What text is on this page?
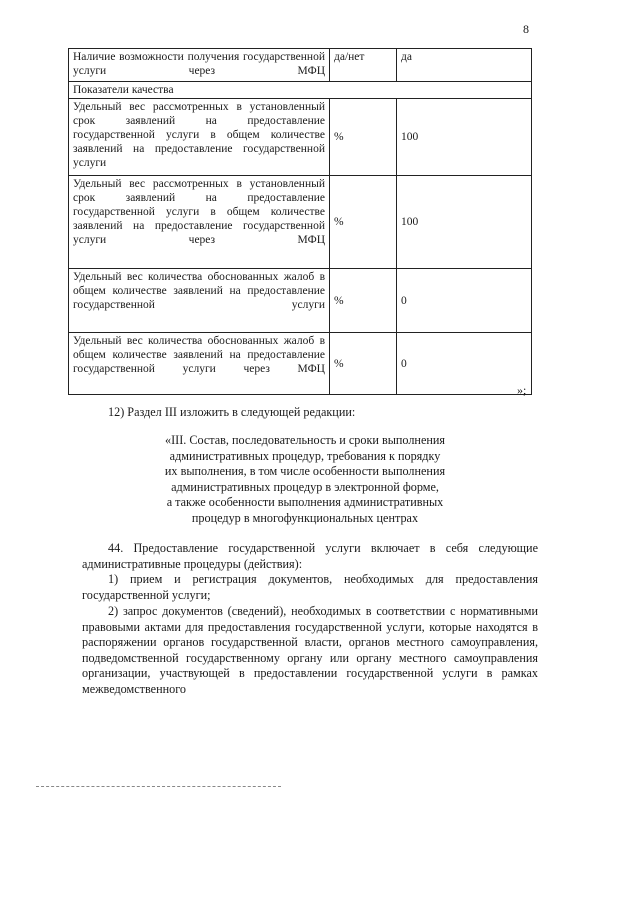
8
Наличие возможности получения государственной услуги через МФЦ	да/нет	да
Показатели качества		
Удельный вес рассмотренных в установленный срок заявлений на предоставление государственной услуги в общем количестве заявлений на предоставление государственной услуги	%	100
Удельный вес рассмотренных в установленный срок заявлений на предоставление государственной услуги в общем количестве заявлений на предоставление государственной услуги через МФЦ	%	100
Удельный вес количества обоснованных жалоб в общем количестве заявлений на предоставление государственной услуги	%	0
Удельный вес количества обоснованных жалоб в общем количестве заявлений на предоставление государственной услуги через МФЦ	%	0
»;
12) Раздел III изложить в следующей редакции:
«III. Состав, последовательность и сроки выполнения
административных процедур, требования к порядку
их выполнения, в том числе особенности выполнения
административных процедур в электронной форме,
а также особенности выполнения административных
процедур в многофункциональных центрах
44. Предоставление государственной услуги включает в себя следующие административные процедуры (действия):
1) прием и регистрация документов, необходимых для предоставления государственной услуги;
2) запрос документов (сведений), необходимых в соответствии с нормативными правовыми актами для предоставления государственной услуги, которые находятся в распоряжении органов государственной власти, органов местного самоуправления, подведомственной государственному органу или органу местного самоуправления организации, участвующей в предоставлении государственной услуги в рамках межведомственного
